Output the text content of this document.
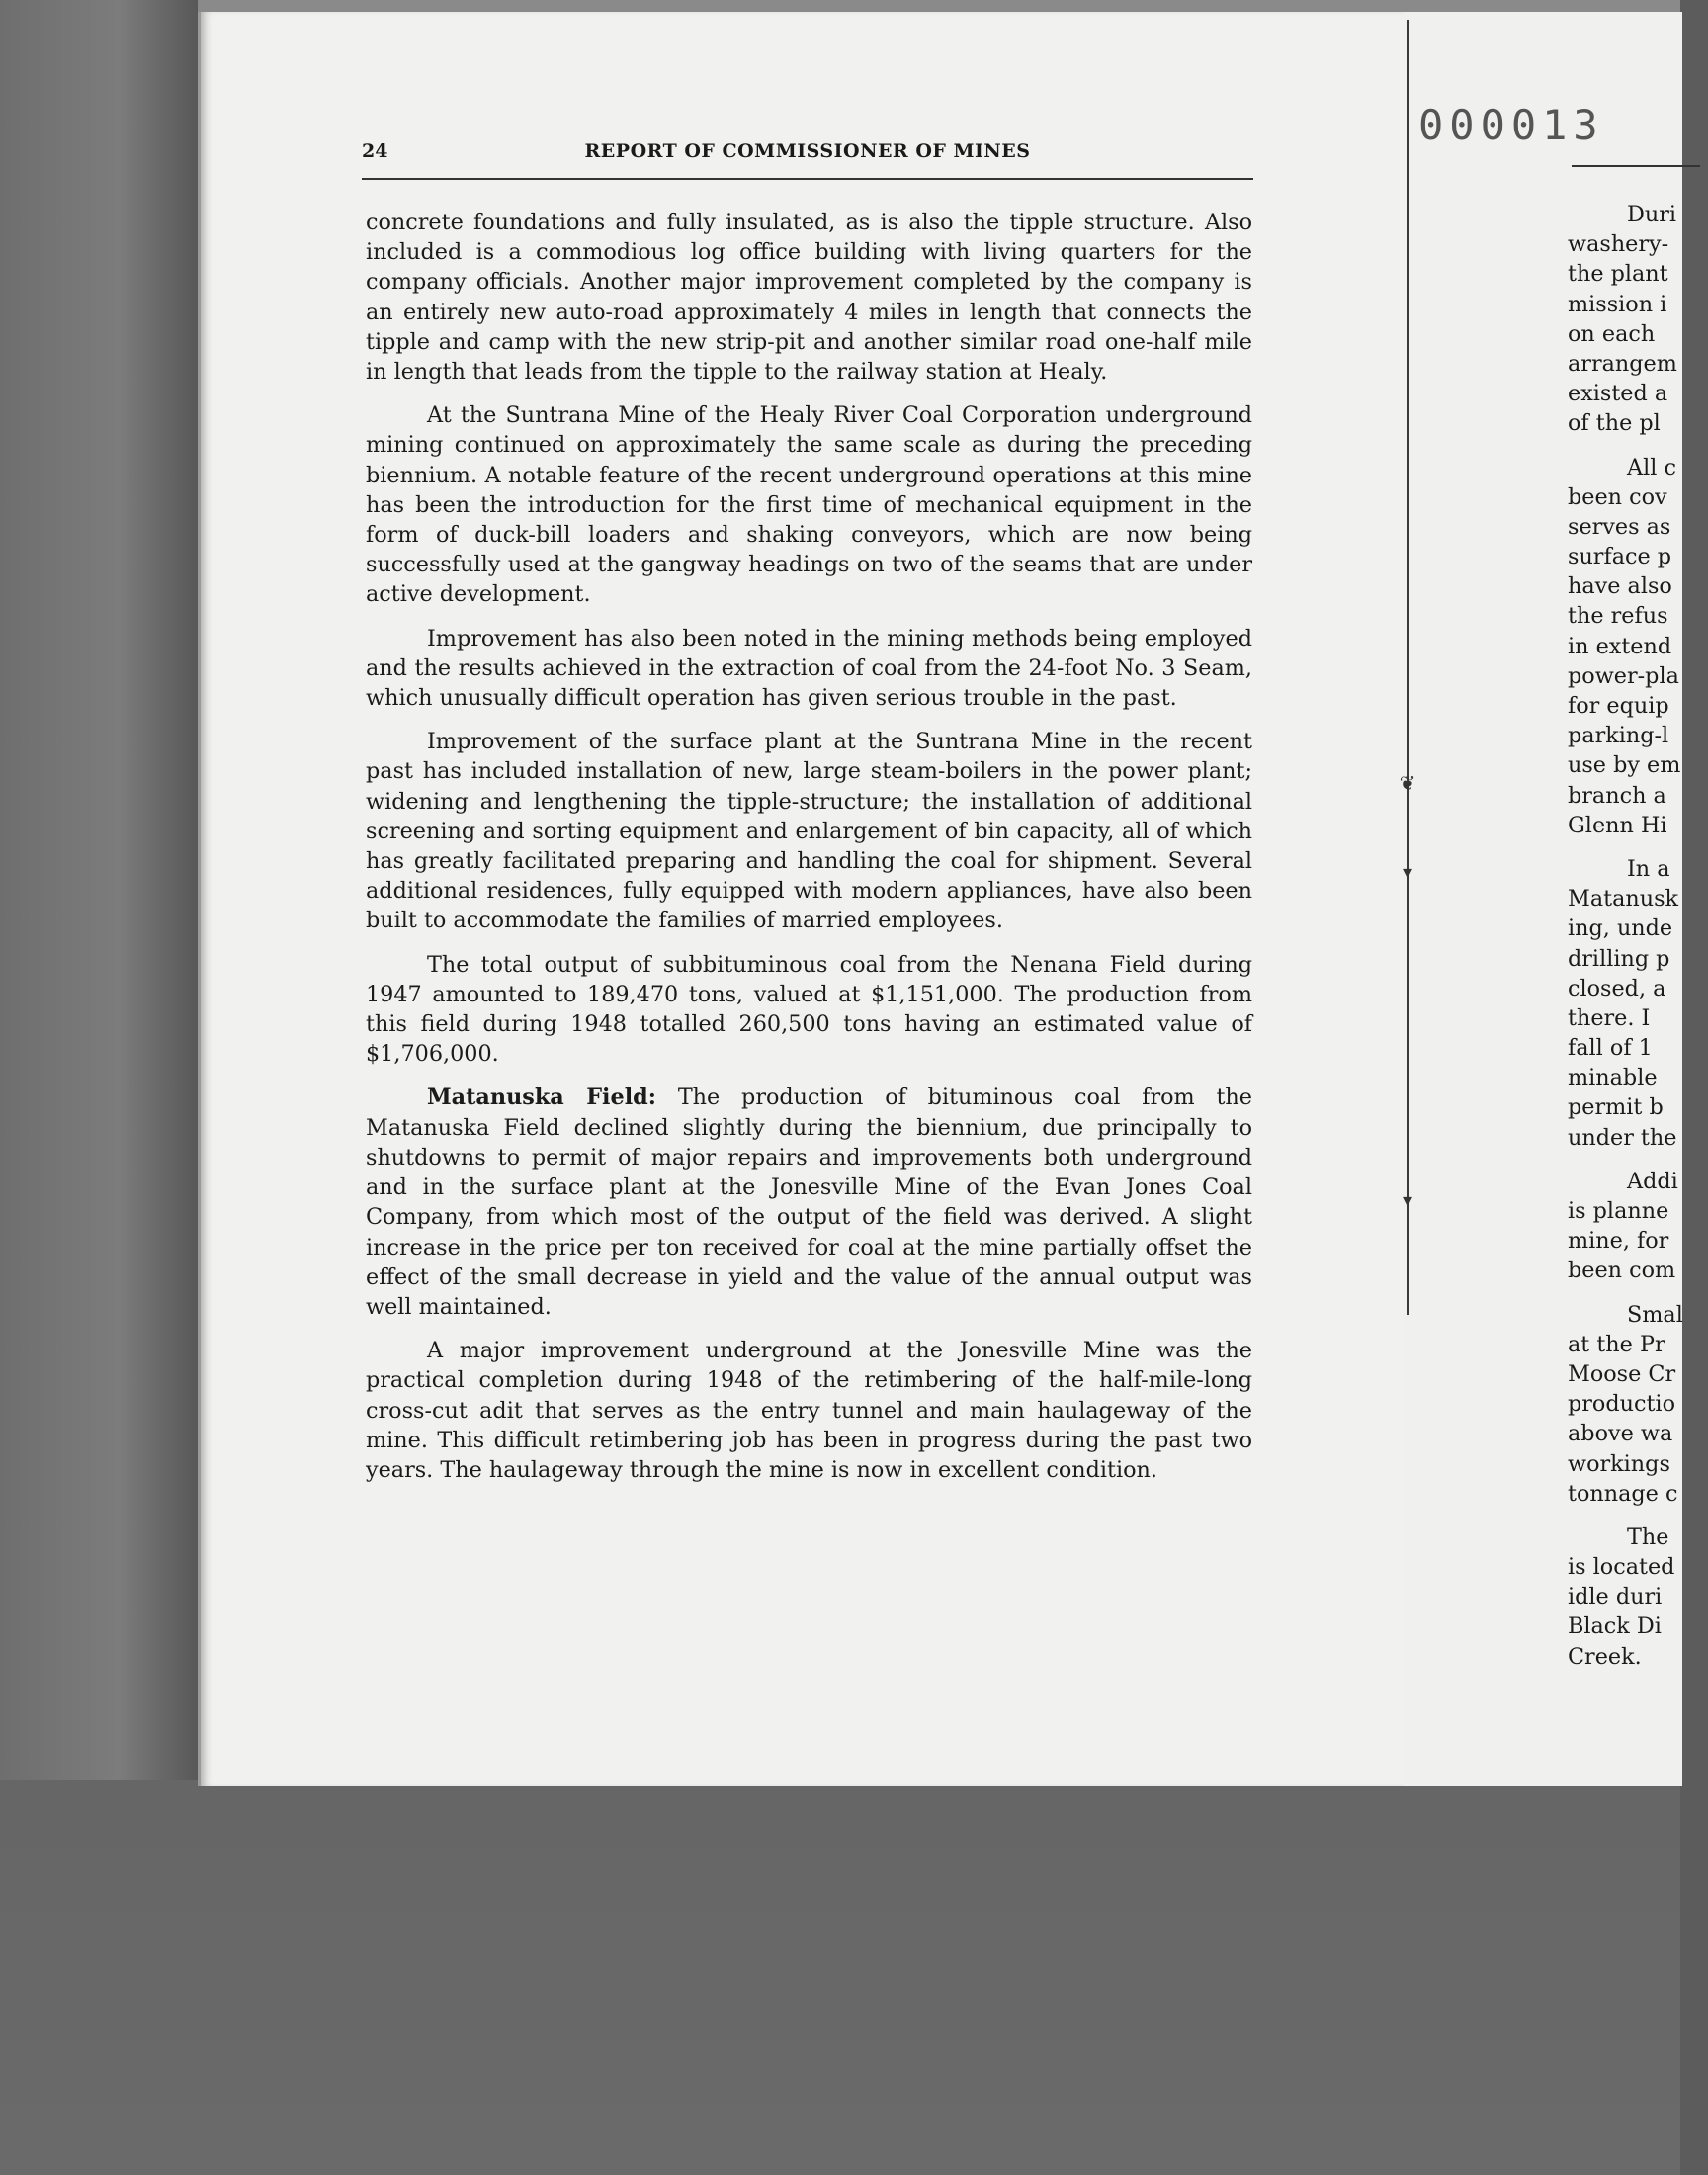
❦
▾
▾
000013
24	REPORT OF COMMISSIONER OF MINES

concrete foundations and fully insulated, as is also the tipple structure. Also included is a commodious log office building with living quarters for the company officials. Another major improvement completed by the company is an entirely new auto-road approximately 4 miles in length that connects the tipple and camp with the new strip-pit and another similar road one-half mile in length that leads from the tipple to the railway station at Healy.

At the Suntrana Mine of the Healy River Coal Corporation underground mining continued on approximately the same scale as during the preceding biennium. A notable feature of the recent underground operations at this mine has been the introduction for the first time of mechanical equipment in the form of duck-bill loaders and shaking conveyors, which are now being successfully used at the gangway headings on two of the seams that are under active development.

Improvement has also been noted in the mining methods being employed and the results achieved in the extraction of coal from the 24-foot No. 3 Seam, which unusually difficult operation has given serious trouble in the past.

Improvement of the surface plant at the Suntrana Mine in the recent past has included installation of new, large steam-boilers in the power plant; widening and lengthening the tipple-structure; the installation of additional screening and sorting equipment and enlargement of bin capacity, all of which has greatly facilitated preparing and handling the coal for shipment. Several additional residences, fully equipped with modern appliances, have also been built to accommodate the families of married employees.

The total output of subbituminous coal from the Nenana Field during 1947 amounted to 189,470 tons, valued at $1,151,000. The production from this field during 1948 totalled 260,500 tons having an estimated value of $1,706,000.

Matanuska Field: The production of bituminous coal from the Matanuska Field declined slightly during the biennium, due principally to shutdowns to permit of major repairs and improvements both underground and in the surface plant at the Jonesville Mine of the Evan Jones Coal Company, from which most of the output of the field was derived. A slight increase in the price per ton received for coal at the mine partially offset the effect of the small decrease in yield and the value of the annual output was well maintained.

A major improvement underground at the Jonesville Mine was the practical completion during 1948 of the retimbering of the half-mile-long cross-cut adit that serves as the entry tunnel and main haulageway of the mine. This difficult retimbering job has been in progress during the past two years. The haulageway through the mine is now in excellent condition.

Duri
washery-
the plant
mission i
on each
arrangem
existed a
of the pl
All c
been cov
serves as
surface p
have also
the refus
in extend
power-pla
for equip
parking-l
use by em
branch a
Glenn Hi
In a
Matanusk
ing, unde
drilling p
closed, a
there. I
fall of 1
minable
permit b
under the
Addi
is planne
mine, for
been com
Smal
at the Pr
Moose Cr
productio
above wa
workings
tonnage c
The
is located
idle duri
Black Di
Creek.
